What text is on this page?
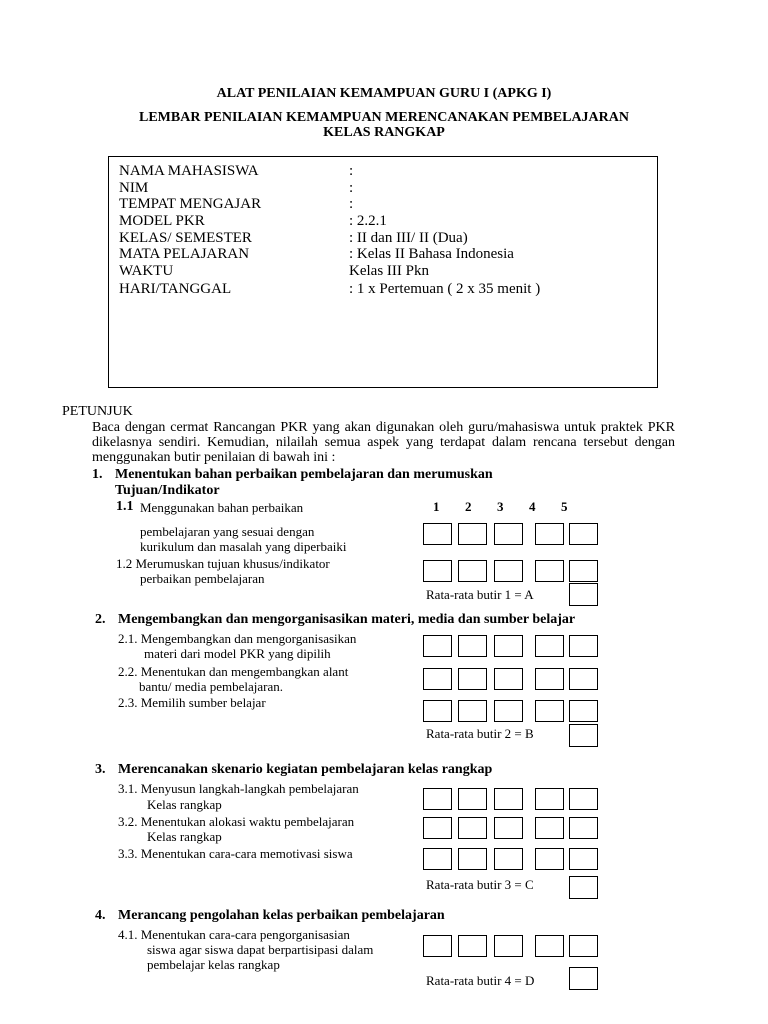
ALAT PENILAIAN KEMAMPUAN GURU I (APKG I)
LEMBAR PENILAIAN KEMAMPUAN MERENCANAKAN PEMBELAJARAN
KELAS RANGKAP
NAMA MAHASISWA	:
NIM	:
TEMPAT MENGAJAR	:
MODEL PKR	: 2.2.1
KELAS/ SEMESTER	: II dan III/ II (Dua)
MATA PELAJARAN	: Kelas II Bahasa Indonesia
WAKTU	Kelas III Pkn
HARI/TANGGAL	: 1 x Pertemuan ( 2 x 35 menit )
PETUNJUK
Baca dengan cermat Rancangan PKR yang akan digunakan oleh guru/mahasiswa untuk praktek PKR
dikelasnya sendiri. Kemudian, nilailah semua aspek yang terdapat dalam rencana tersebut dengan
menggunakan butir penilaian di bawah ini :
1. Menentukan bahan perbaikan pembelajaran dan merumuskan
Tujuan/Indikator
1.1 Menggunakan bahan perbaikan	1 2 3 4 5
pembelajaran yang sesuai dengan
kurikulum dan masalah yang diperbaiki
1.2 Merumuskan tujuan khusus/indikator
perbaikan pembelajaran
Rata-rata butir 1 = A
2. Mengembangkan dan mengorganisasikan materi, media dan sumber belajar
2.1. Mengembangkan dan mengorganisasikan
materi dari model PKR yang dipilih
2.2. Menentukan dan mengembangkan alant
bantu/ media pembelajaran.
2.3. Memilih sumber belajar
Rata-rata butir 2 = B
3. Merencanakan skenario kegiatan pembelajaran kelas rangkap
3.1. Menyusun langkah-langkah pembelajaran
Kelas rangkap
3.2. Menentukan alokasi waktu pembelajaran
Kelas rangkap
3.3. Menentukan cara-cara memotivasi siswa
Rata-rata butir 3 = C
4. Merancang pengolahan kelas perbaikan pembelajaran
4.1. Menentukan cara-cara pengorganisasian
siswa agar siswa dapat berpartisipasi dalam
pembelajar kelas rangkap
Rata-rata butir 4 = D
